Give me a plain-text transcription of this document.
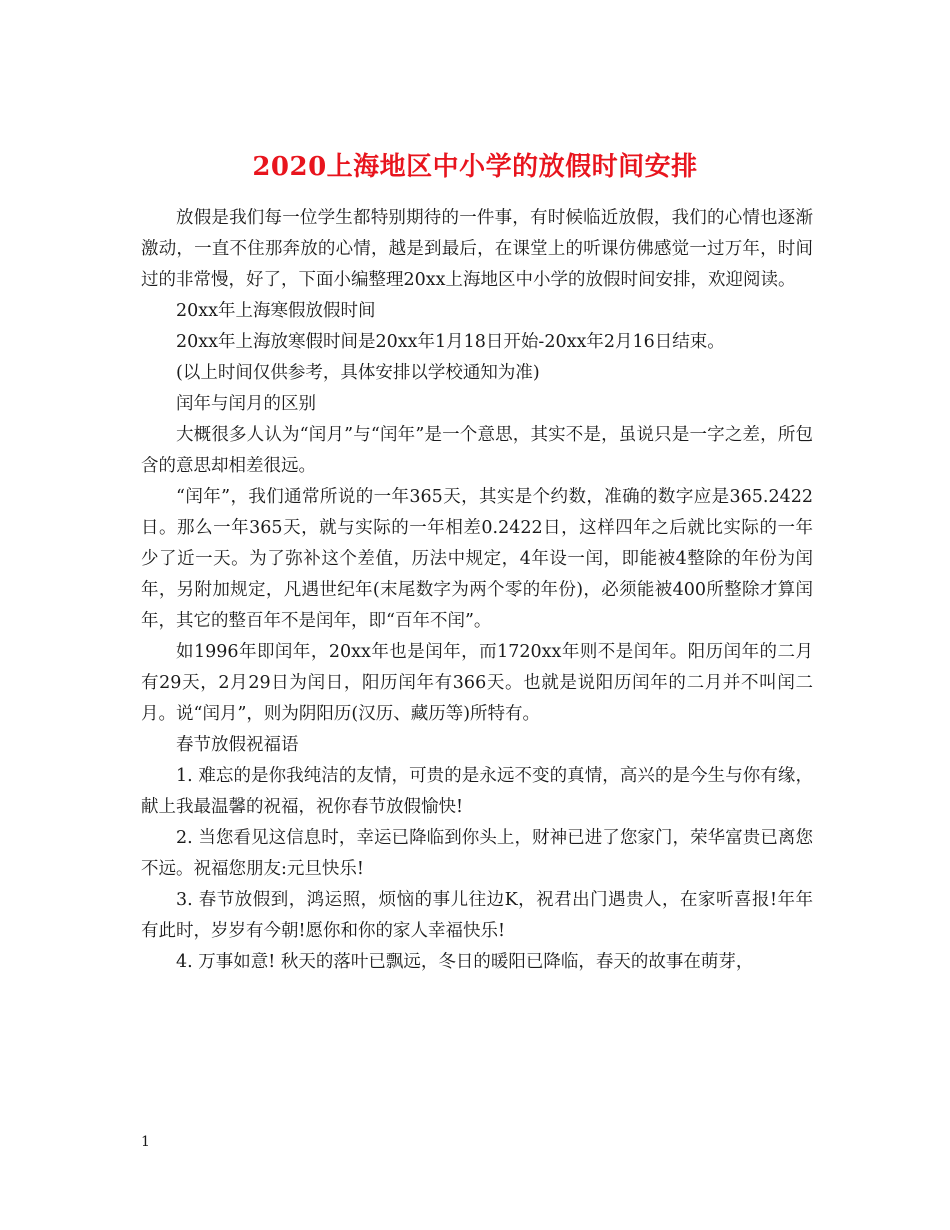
2020上海地区中小学的放假时间安排

放假是我们每一位学生都特别期待的一件事，有时候临近放假，我们的心情也逐渐激动，一直不住那奔放的心情，越是到最后，在课堂上的听课仿佛感觉一过万年，时间过的非常慢，好了，下面小编整理20xx上海地区中小学的放假时间安排，欢迎阅读。

20xx年上海寒假放假时间

20xx年上海放寒假时间是20xx年1月18日开始-20xx年2月16日结束。

(以上时间仅供参考，具体安排以学校通知为准)

闰年与闰月的区别

大概很多人认为“闰月”与“闰年”是一个意思，其实不是，虽说只是一字之差，所包含的意思却相差很远。

“闰年”，我们通常所说的一年365天，其实是个约数，准确的数字应是365.2422日。那么一年365天，就与实际的一年相差0.2422日，这样四年之后就比实际的一年少了近一天。为了弥补这个差值，历法中规定，4年设一闰，即能被4整除的年份为闰年，另附加规定，凡遇世纪年(末尾数字为两个零的年份)，必须能被400所整除才算闰年，其它的整百年不是闰年，即“百年不闰”。

如1996年即闰年，20xx年也是闰年，而1720xx年则不是闰年。阳历闰年的二月有29天，2月29日为闰日，阳历闰年有366天。也就是说阳历闰年的二月并不叫闰二月。说“闰月”，则为阴阳历(汉历、藏历等)所特有。

春节放假祝福语

1. 难忘的是你我纯洁的友情，可贵的是永远不变的真情，高兴的是今生与你有缘，献上我最温馨的祝福，祝你春节放假愉快!

2. 当您看见这信息时，幸运已降临到你头上，财神已进了您家门，荣华富贵已离您不远。祝福您朋友:元旦快乐!

3. 春节放假到，鸿运照，烦恼的事儿往边K，祝君出门遇贵人，在家听喜报!年年有此时，岁岁有今朝!愿你和你的家人幸福快乐!

4. 万事如意! 秋天的落叶已飘远，冬日的暖阳已降临，春天的故事在萌芽，

1
